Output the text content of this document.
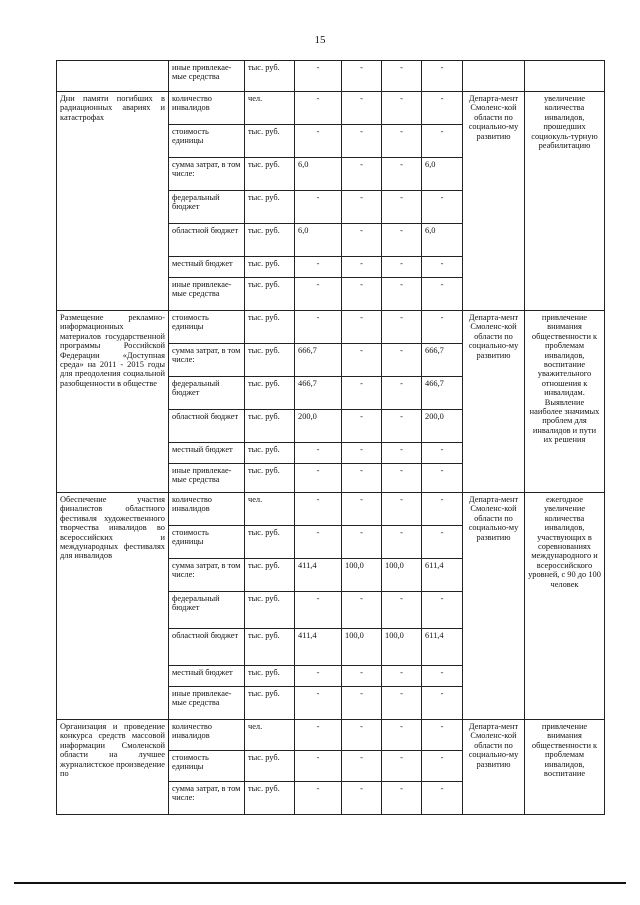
15
	иные привлекае-мые средства	тыс. руб.	-	-	-	-		
Дни памяти погибших в радиационных авариях и катастрофах	количество инвалидов	чел.	-	-	-	-	Департа-мент Смоленс-кой области по социально-му развитию	увеличение количества инвалидов, прошедших социокуль-турную реабилитацию
	стоимость единицы	тыс. руб.	-	-	-	-		
	сумма затрат, в том числе:	тыс. руб.	6,0	-	-	6,0		
	федеральный бюджет	тыс. руб.	-	-	-	-		
	областной бюджет	тыс. руб.	6,0	-	-	6,0		
	местный бюджет	тыс. руб.	-	-	-	-		
	иные привлекае-мые средства	тыс. руб.	-	-	-	-		
Размещение рекламно-информационных материалов государственной программы Российской Федерации «Доступная среда» на 2011 - 2015 годы для преодоления социальной разобщенности в обществе	стоимость единицы	тыс. руб.	-	-	-	-	Департа-мент Смоленс-кой области по социально-му развитию	привлечение внимания общественности к проблемам инвалидов, воспитание уважительного отношения к инвалидам. Выявление наиболее значимых проблем для инвалидов и пути их решения
	сумма затрат, в том числе:	тыс. руб.	666,7	-	-	666,7		
	федеральный бюджет	тыс. руб.	466,7	-	-	466,7		
	областной бюджет	тыс. руб.	200,0	-	-	200,0		
	местный бюджет	тыс. руб.	-	-	-	-		
	иные привлекае-мые средства	тыс. руб.	-	-	-	-		
Обеспечение участия финалистов областного фестиваля художественного творчества инвалидов во всероссийских и международных фестивалях для инвалидов	количество инвалидов	чел.	-	-	-	-	Департа-мент Смоленс-кой области по социально-му развитию	ежегодное увеличение количества инвалидов, участвующих в соревнованиях международного и всероссийского уровней, с 90 до 100 человек
	стоимость единицы	тыс. руб.	-	-	-	-		
	сумма затрат, в том числе:	тыс. руб.	411,4	100,0	100,0	611,4		
	федеральный бюджет	тыс. руб.	-	-	-	-		
	областной бюджет	тыс. руб.	411,4	100,0	100,0	611,4		
	местный бюджет	тыс. руб.	-	-	-	-		
	иные привлекае-мые средства	тыс. руб.	-	-	-	-		
Организация и проведение конкурса средств массовой информации Смоленской области на лучшее журналистское произведение по	количество инвалидов	чел.	-	-	-	-	Департа-мент Смоленс-кой области по социально-му развитию	привлечение внимания общественности к проблемам инвалидов, воспитание
	стоимость единицы	тыс. руб.	-	-	-	-		
	сумма затрат, в том числе:	тыс. руб.	-	-	-	-		
